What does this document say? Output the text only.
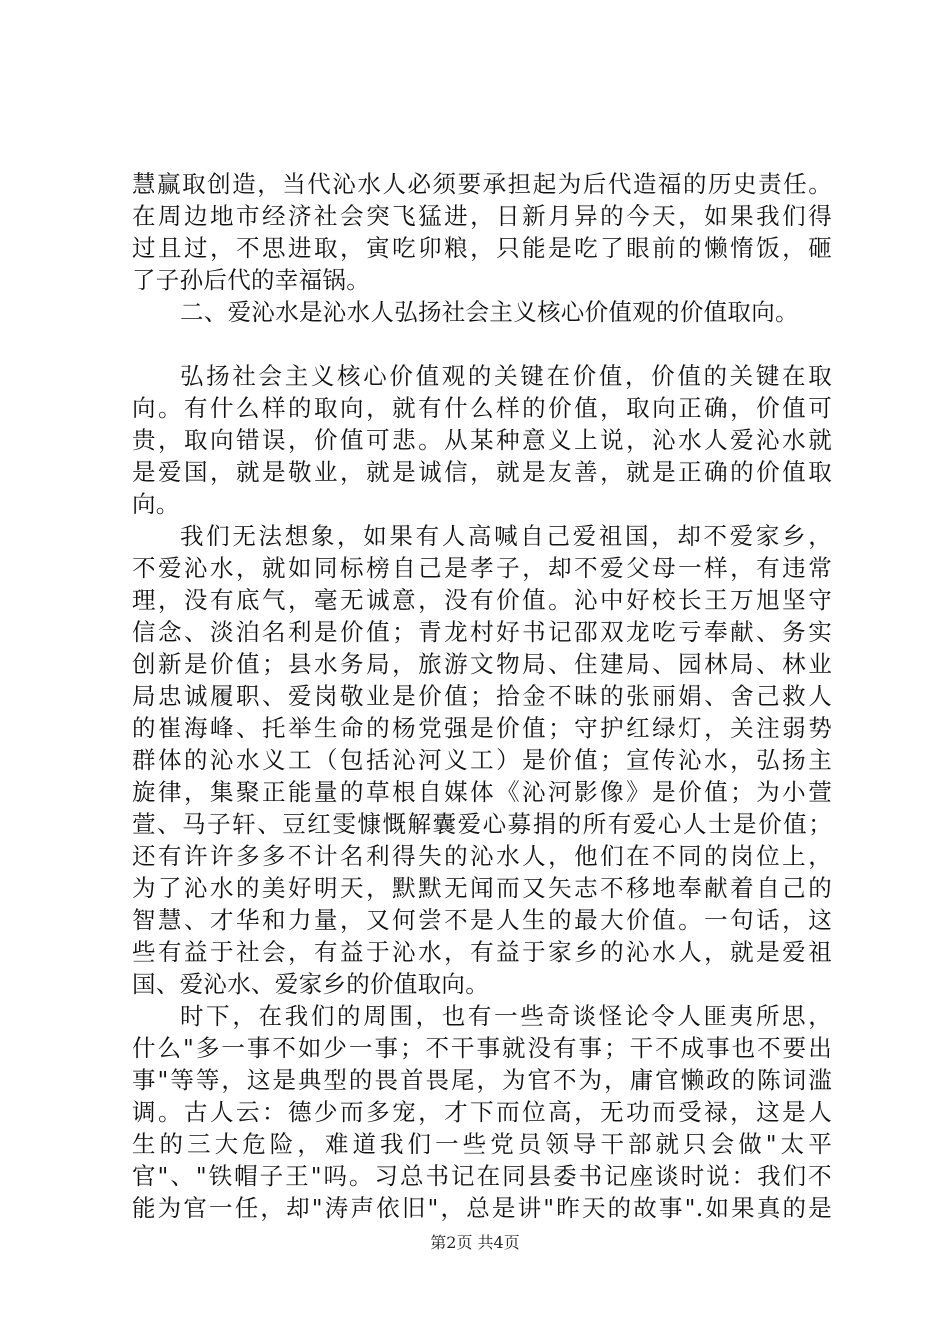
慧赢取创造，当代沁水人必须要承担起为后代造福的历史责任。
在周边地市经济社会突飞猛进，日新月异的今天，如果我们得
过且过，不思进取，寅吃卯粮，只能是吃了眼前的懒惰饭，砸
了子孙后代的幸福锅。
二、爱沁水是沁水人弘扬社会主义核心价值观的价值取向。
弘扬社会主义核心价值观的关键在价值，价值的关键在取
向。有什么样的取向，就有什么样的价值，取向正确，价值可
贵，取向错误，价值可悲。从某种意义上说，沁水人爱沁水就
是爱国，就是敬业，就是诚信，就是友善，就是正确的价值取
向。
我们无法想象，如果有人高喊自己爱祖国，却不爱家乡，
不爱沁水，就如同标榜自己是孝子，却不爱父母一样，有违常
理，没有底气，毫无诚意，没有价值。沁中好校长王万旭坚守
信念、淡泊名利是价值；青龙村好书记邵双龙吃亏奉献、务实
创新是价值；县水务局，旅游文物局、住建局、园林局、林业
局忠诚履职、爱岗敬业是价值；拾金不昧的张丽娟、舍己救人
的崔海峰、托举生命的杨党强是价值；守护红绿灯，关注弱势
群体的沁水义工（包括沁河义工）是价值；宣传沁水，弘扬主
旋律，集聚正能量的草根自媒体《沁河影像》是价值；为小萱
萱、马子轩、豆红雯慷慨解囊爱心募捐的所有爱心人士是价值；
还有许许多多不计名利得失的沁水人，他们在不同的岗位上，
为了沁水的美好明天，默默无闻而又矢志不移地奉献着自己的
智慧、才华和力量，又何尝不是人生的最大价值。一句话，这
些有益于社会，有益于沁水，有益于家乡的沁水人，就是爱祖
国、爱沁水、爱家乡的价值取向。
时下，在我们的周围，也有一些奇谈怪论令人匪夷所思，
什么"多一事不如少一事；不干事就没有事；干不成事也不要出
事"等等，这是典型的畏首畏尾，为官不为，庸官懒政的陈词滥
调。古人云：德少而多宠，才下而位高，无功而受禄，这是人
生的三大危险，难道我们一些党员领导干部就只会做"太平
官"、"铁帽子王"吗。习总书记在同县委书记座谈时说：我们不
能为官一任，却"涛声依旧"，总是讲"昨天的故事".如果真的是
第2页 共4页
